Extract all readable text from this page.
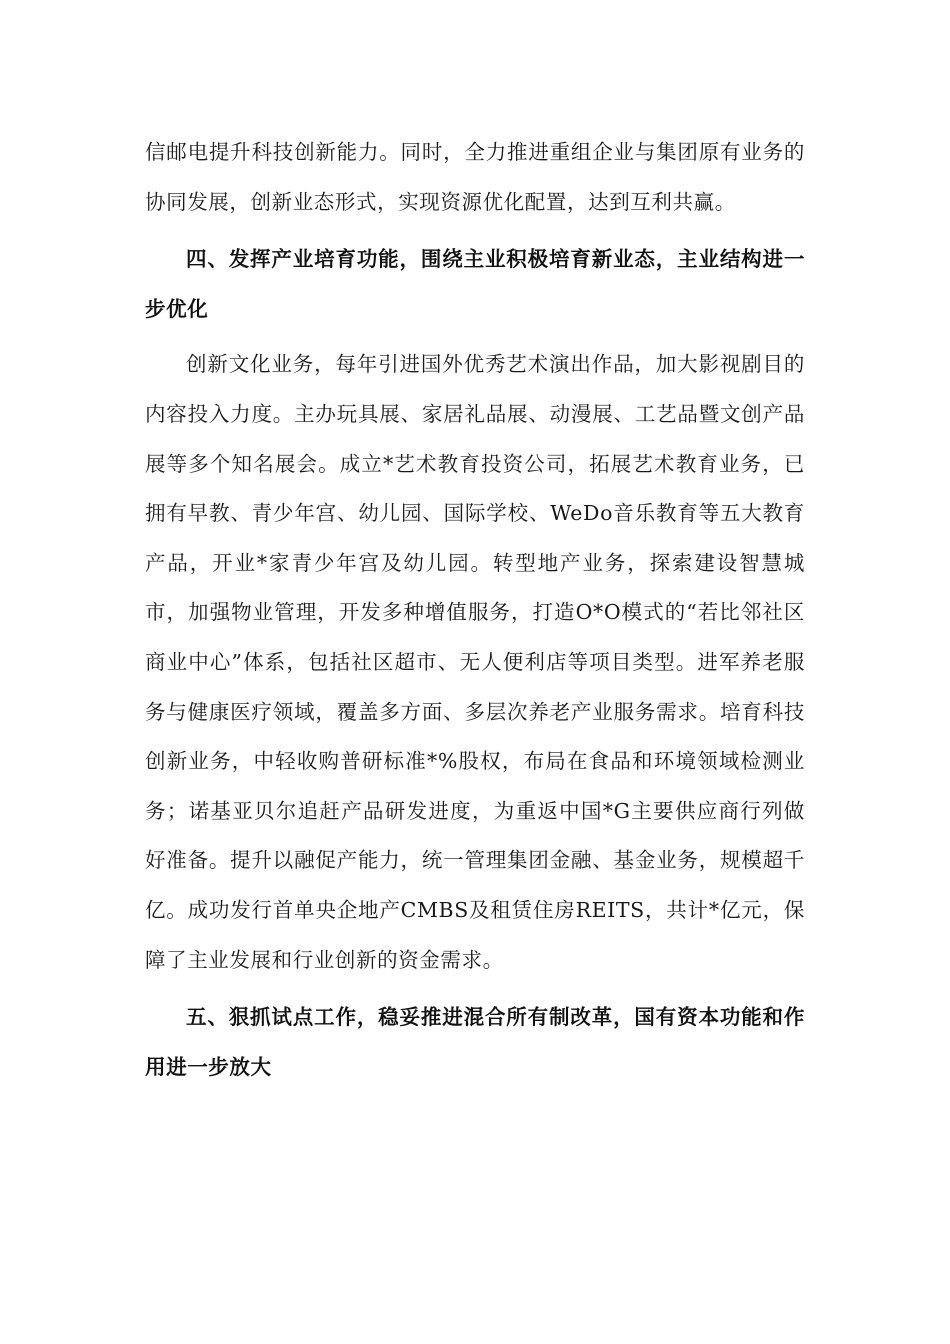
信邮电提升科技创新能力。同时，全力推进重组企业与集团原有业务的协同发展，创新业态形式，实现资源优化配置，达到互利共赢。

四、发挥产业培育功能，围绕主业积极培育新业态，主业结构进一步优化

创新文化业务，每年引进国外优秀艺术演出作品，加大影视剧目的内容投入力度。主办玩具展、家居礼品展、动漫展、工艺品暨文创产品展等多个知名展会。成立*艺术教育投资公司，拓展艺术教育业务，已拥有早教、青少年宫、幼儿园、国际学校、WeDo音乐教育等五大教育产品，开业*家青少年宫及幼儿园。转型地产业务，探索建设智慧城市，加强物业管理，开发多种增值服务，打造O*O模式的“若比邻社区商业中心”体系，包括社区超市、无人便利店等项目类型。进军养老服务与健康医疗领域，覆盖多方面、多层次养老产业服务需求。培育科技创新业务，中轻收购普研标准*%股权，布局在食品和环境领域检测业务；诺基亚贝尔追赶产品研发进度，为重返中国*G主要供应商行列做好准备。提升以融促产能力，统一管理集团金融、基金业务，规模超千亿。成功发行首单央企地产CMBS及租赁住房REITS，共计*亿元，保障了主业发展和行业创新的资金需求。

五、狠抓试点工作，稳妥推进混合所有制改革，国有资本功能和作用进一步放大
